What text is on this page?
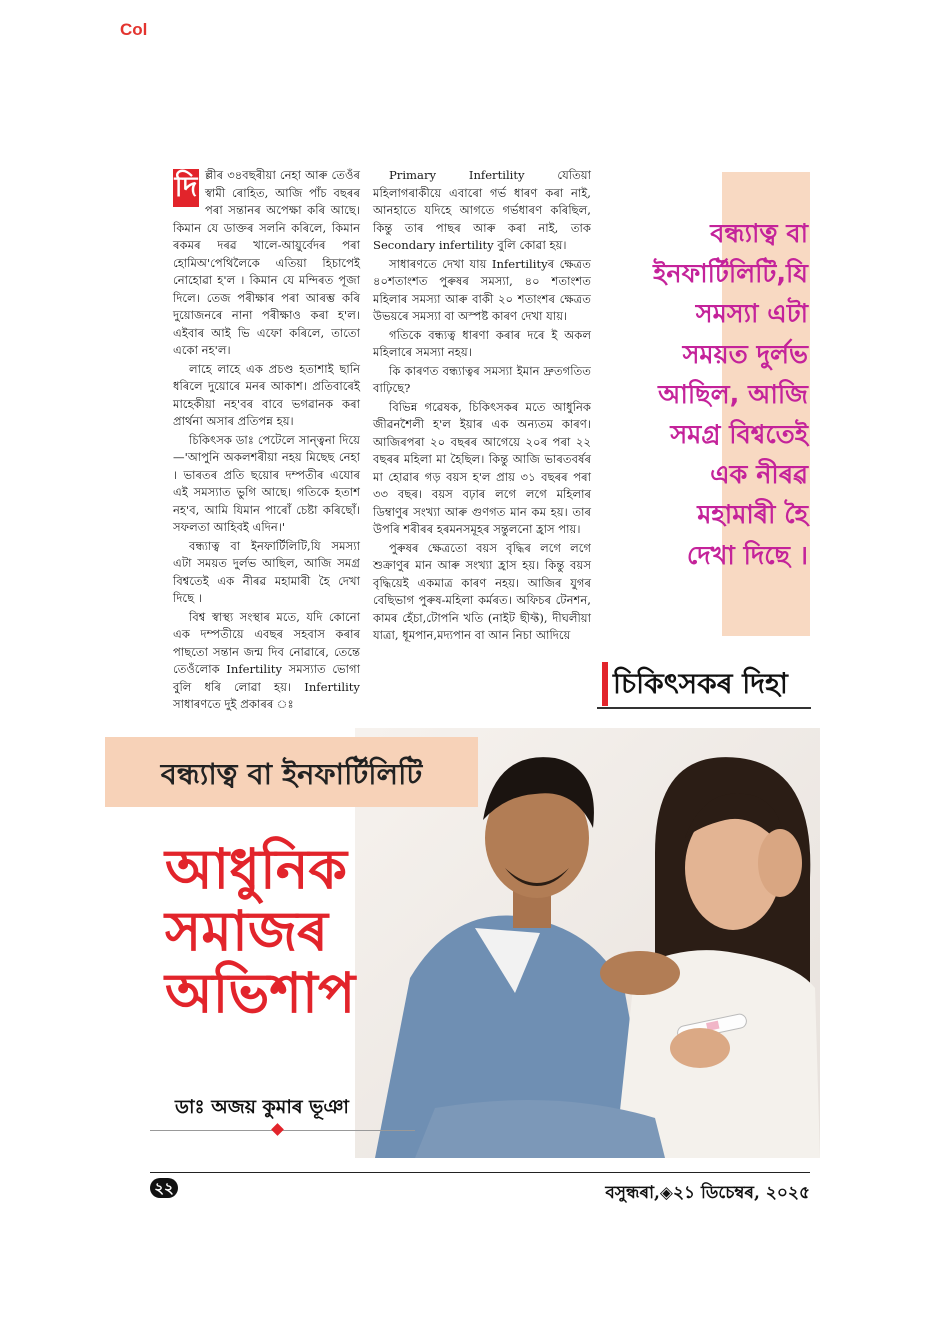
Col
দি ল্লীৰ ৩৪বছৰীয়া নেহা আৰু তেওঁৰ স্বামী ৰোহিত, আজি পাঁচ বছৰৰ পৰা সন্তানৰ অপেক্ষা কৰি আছে। কিমান যে ডাক্তৰ সলনি কৰিলে, কিমান ৰকমৰ দৰৱ খালে-আয়ুৰ্বেদৰ পৰা হোমিঅ'পেথিলৈকে এতিয়া হিচাপেই নোহোৱা হ'ল । কিমান যে মন্দিৰত পূজা দিলে। তেজ পৰীক্ষাৰ পৰা আৰম্ভ কৰি দুয়োজনৰে নানা পৰীক্ষাও কৰা হ'ল। এইবাৰ আই ভি এফো কৰিলে, তাতো একো নহ'ল।

লাহে লাহে এক প্ৰচণ্ড হতাশাই ছানি ধৰিলে দুয়োৰে মনৰ আকাশ। প্ৰতিবাৰেই মাহেকীয়া নহ'বৰ বাবে ভগৱানক কৰা প্ৰাৰ্থনা অসাৰ প্ৰতিপন্ন হয়।

চিকিৎসক ডাঃ পেটেলে সান্ত্বনা দিয়ে—'আপুনি অকলশৰীয়া নহয় মিছেছ নেহা । ভাৰতৰ প্ৰতি ছয়োৰ দম্পতীৰ এযোৰ এই সমস্যাত ভুগি আছে। গতিকে হতাশ নহ'ব, আমি যিমান পাৰোঁ চেষ্টা কৰিছোঁ। সফলতা আহিবই এদিন।'

বন্ধ্যাত্ব বা ইনফাৰ্টিলিটি,যি সমস্যা এটা সময়ত দুৰ্লভ আছিল, আজি সমগ্ৰ বিশ্বতেই এক নীৰৱ মহামাৰী হৈ দেখা দিছে ।

বিশ্ব স্বাস্থ্য সংস্থাৰ মতে, যদি কোনো এক দম্পতীয়ে এবছৰ সহবাস কৰাৰ পাছতো সন্তান জন্ম দিব নোৱাৰে, তেন্তে তেওঁলোক Infertility সমস্যাত ভোগা বুলি ধৰি লোৱা হয়। Infertility সাধাৰণতে দুই প্ৰকাৰৰ ঃ

Primary Infertility যেতিয়া মহিলাগৰাকীয়ে এবাৰো গৰ্ভ ধাৰণ কৰা নাই, আনহাতে যদিহে আগতে গৰ্ভধাৰণ কৰিছিল, কিন্তু তাৰ পাছৰ আৰু কৰা নাই, তাক Secondary infertility বুলি কোৱা হয়।

সাধাৰণতে দেখা যায় Infertilityৰ ক্ষেত্ৰত ৪০শতাংশত পুৰুষৰ সমস্যা, ৪০ শতাংশত মহিলাৰ সমস্যা আৰু বাকী ২০ শতাংশৰ ক্ষেত্ৰত উভয়ৰে সমস্যা বা অস্পষ্ট কাৰণ দেখা যায়।

গতিকে বন্ধ্যত্ব ধাৰণা কৰাৰ দৰে ই অকল মহিলাৰে সমস্যা নহয়।

কি কাৰণত বন্ধ্যাত্বৰ সমস্যা ইমান দ্ৰুতগতিত বাঢ়িছে?

বিভিন্ন গৱেষক, চিকিৎসকৰ মতে আধুনিক জীৱনশৈলী হ'ল ইয়াৰ এক অন্যতম কাৰণ। আজিৰপৰা ২০ বছৰৰ আগেয়ে ২০ৰ পৰা ২২ বছৰৰ মহিলা মা হৈছিল। কিন্তু আজি ভাৰতবৰ্ষৰ মা হোৱাৰ গড় বয়স হ'ল প্ৰায় ৩১ বছৰৰ পৰা ৩৩ বছৰ। বয়স বঢ়াৰ লগে লগে মহিলাৰ ডিম্বাণুৰ সংখ্যা আৰু গুণগত মান কম হয়। তাৰ উপৰি শৰীৰৰ হৰমনসমূহৰ সন্তুলনো হ্ৰাস পায়।

পুৰুষৰ ক্ষেত্ৰতো বয়স বৃদ্ধিৰ লগে লগে শুক্ৰাণুৰ মান আৰু সংখ্যা হ্ৰাস হয়। কিন্তু বয়স বৃদ্ধিয়েই একমাত্ৰ কাৰণ নহয়। আজিৰ যুগৰ বেছিভাগ পুৰুষ-মহিলা কৰ্মৰত। অফিচৰ টেনশন, কামৰ হেঁচা,টোপনি খতি (নাইট ছীফ্ট), দীঘলীয়া যাত্ৰা, ধূমপান,মদ্যপান বা আন নিচা আদিয়ে

বন্ধ্যাত্ব বা
ইনফাৰ্টিলিটি,যি
সমস্যা এটা
সময়ত দুৰ্লভ
আছিল, আজি
সমগ্ৰ বিশ্বতেই
এক নীৰৱ
মহামাৰী হৈ
দেখা দিছে ।
চিকিৎসকৰ দিহা
বন্ধ্যাত্ব বা ইনফাৰ্টিলিটি
আধুনিক
সমাজৰ
অভিশাপ
ডাঃ অজয় কুমাৰ ভূঞা
২২	বসুন্ধৰা,◈২১ ডিচেম্বৰ, ২০২৫
